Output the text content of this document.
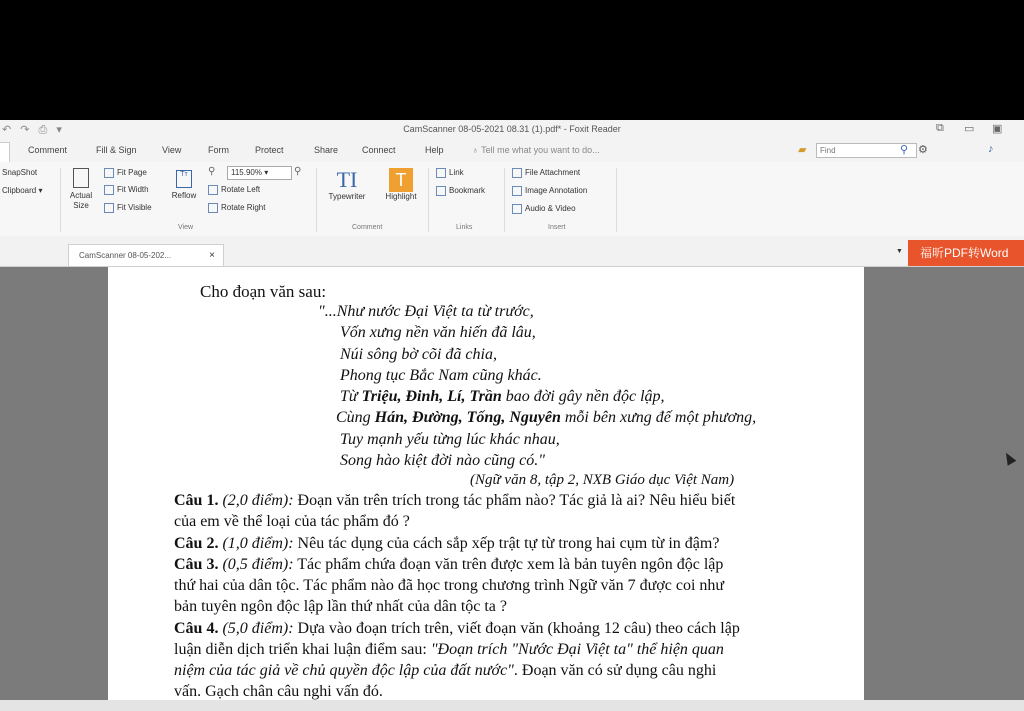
↶ ↷ ⎙ ▾	CamScanner 08-05-2021 08.31 (1).pdf* - Foxit Reader	⧉ ▭ ▣
Comment	Fill & Sign	View	Form	Protect	Share	Connect	Help	♁ Tell me what you want to do...	▰	Find	⚲ ⚙	♪
SnapShot
Clipboard ▾
Actual Size
Fit Page
Fit Width
Fit Visible
Tт
Reflow
⚲	115.90% ▾	⚲
Rotate Left
Rotate Right
View
TI
Typewriter
T
Highlight
Comment
Link
Bookmark
Links
File Attachment
Image Annotation
Audio & Video
Insert
CamScanner 08-05-202...	×	▼	福昕PDF转Word
Cho đoạn văn sau:
"...Như nước Đại Việt ta từ trước,
Vốn xưng nền văn hiến đã lâu,
Núi sông bờ cõi đã chia,
Phong tục Bắc Nam cũng khác.
Từ Triệu, Đinh, Lí, Trần bao đời gây nền độc lập,
Cùng Hán, Đường, Tống, Nguyên mỗi bên xưng đế một phương,
Tuy mạnh yếu từng lúc khác nhau,
Song hào kiệt đời nào cũng có."
(Ngữ văn 8, tập 2, NXB Giáo dục Việt Nam)
Câu 1. (2,0 điểm): Đoạn văn trên trích trong tác phẩm nào? Tác giả là ai? Nêu hiểu biết
của em về thể loại của tác phẩm đó ?
Câu 2. (1,0 điểm): Nêu tác dụng của cách sắp xếp trật tự từ trong hai cụm từ in đậm?
Câu 3. (0,5 điểm): Tác phẩm chứa đoạn văn trên được xem là bản tuyên ngôn độc lập
thứ hai của dân tộc. Tác phẩm nào đã học trong chương trình Ngữ văn 7 được coi như
bản tuyên ngôn độc lập lần thứ nhất của dân tộc ta ?
Câu 4. (5,0 điểm): Dựa vào đoạn trích trên, viết đoạn văn (khoảng 12 câu) theo cách lập
luận diễn dịch triển khai luận điểm sau: "Đoạn trích "Nước Đại Việt ta" thể hiện quan
niệm của tác giả về chủ quyền độc lập của đất nước". Đoạn văn có sử dụng câu nghi
vấn. Gạch chân câu nghi vấn đó.
